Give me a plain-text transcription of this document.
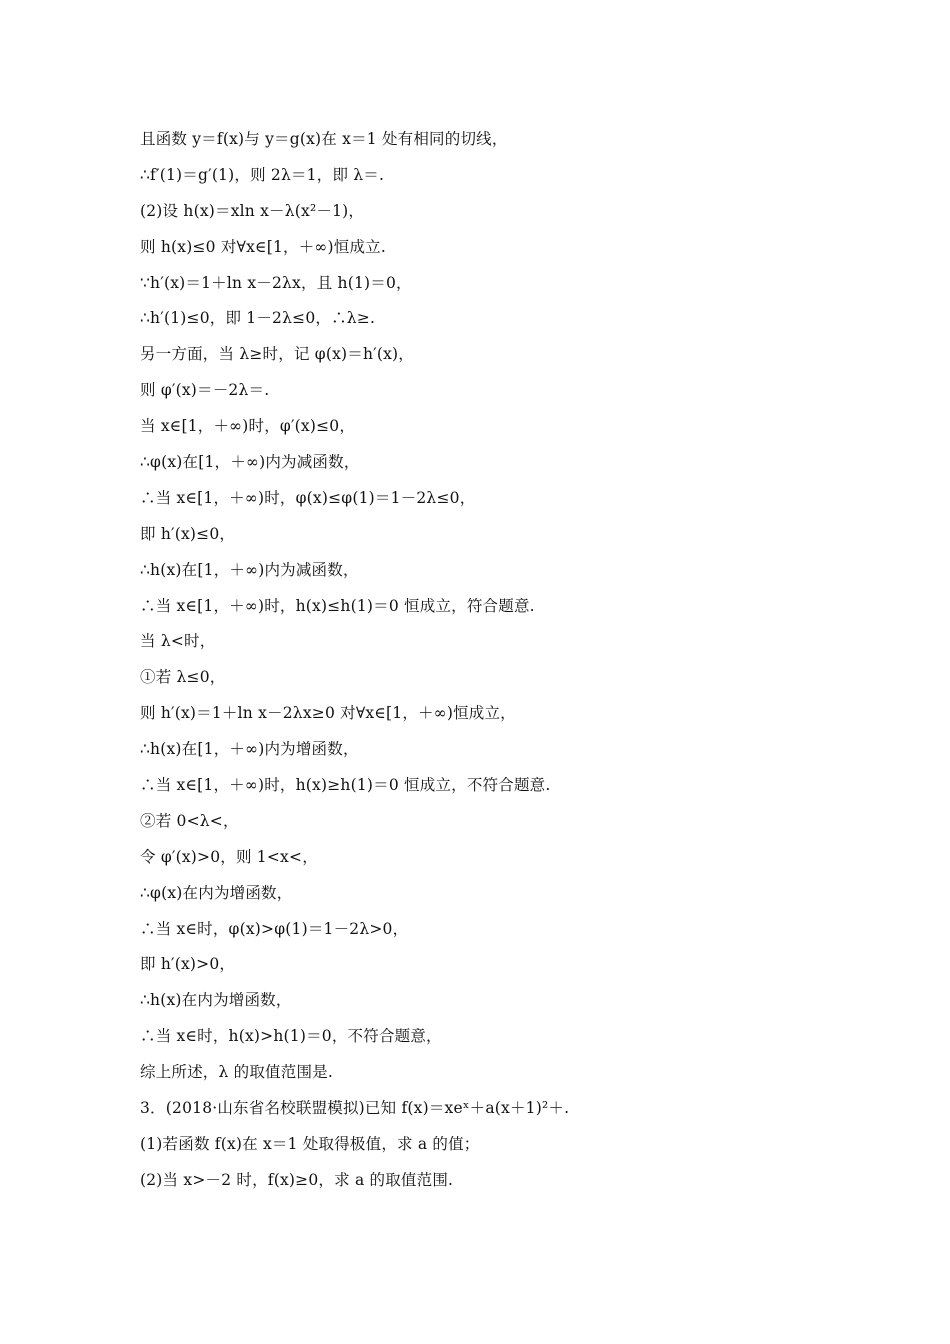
且函数 y＝f(x)与 y＝g(x)在 x＝1 处有相同的切线，
∴f′(1)＝g′(1)，则 2λ＝1，即 λ＝.
(2)设 h(x)＝xln x－λ(x²－1)，
则 h(x)≤0 对∀x∈[1，＋∞)恒成立.
∵h′(x)＝1＋ln x－2λx，且 h(1)＝0，
∴h′(1)≤0，即 1－2λ≤0，∴λ≥.
另一方面，当 λ≥时，记 φ(x)＝h′(x)，
则 φ′(x)＝－2λ＝.
当 x∈[1，＋∞)时，φ′(x)≤0，
∴φ(x)在[1，＋∞)内为减函数，
∴当 x∈[1，＋∞)时，φ(x)≤φ(1)＝1－2λ≤0，
即 h′(x)≤0，
∴h(x)在[1，＋∞)内为减函数，
∴当 x∈[1，＋∞)时，h(x)≤h(1)＝0 恒成立，符合题意.
当 λ<时，
①若 λ≤0，
则 h′(x)＝1＋ln x－2λx≥0 对∀x∈[1，＋∞)恒成立，
∴h(x)在[1，＋∞)内为增函数，
∴当 x∈[1，＋∞)时，h(x)≥h(1)＝0 恒成立，不符合题意.
②若 0<λ<，
令 φ′(x)>0，则 1<x<，
∴φ(x)在内为增函数，
∴当 x∈时，φ(x)>φ(1)＝1－2λ>0，
即 h′(x)>0，
∴h(x)在内为增函数，
∴当 x∈时，h(x)>h(1)＝0，不符合题意，
综上所述，λ 的取值范围是.
3．(2018·山东省名校联盟模拟)已知 f(x)＝xeˣ＋a(x＋1)²＋.
(1)若函数 f(x)在 x＝1 处取得极值，求 a 的值；
(2)当 x>－2 时，f(x)≥0，求 a 的取值范围.
